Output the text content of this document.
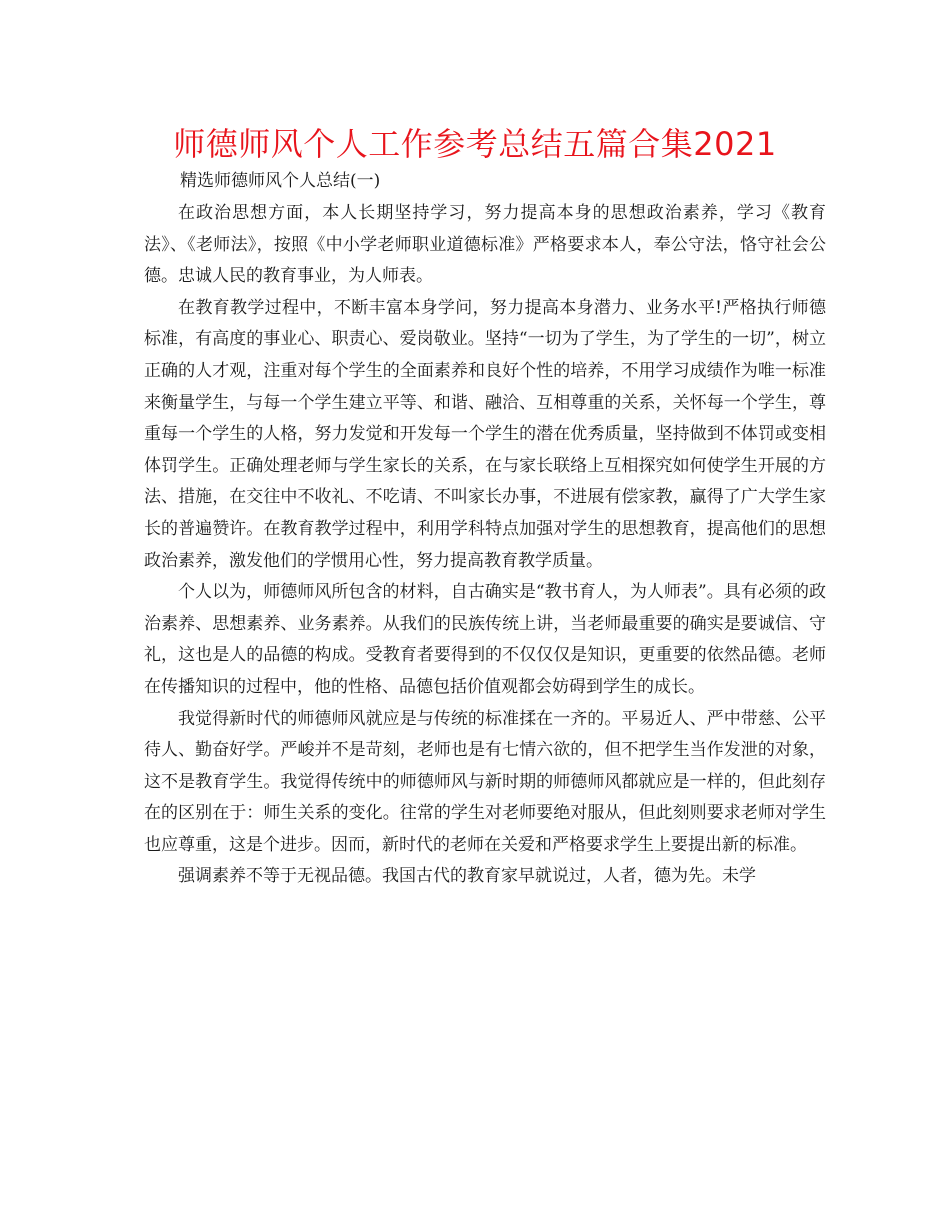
师德师风个人工作参考总结五篇合集2021
精选师德师风个人总结(一)

在政治思想方面，本人长期坚持学习，努力提高本身的思想政治素养，学习《教育法》、《老师法》，按照《中小学老师职业道德标准》严格要求本人，奉公守法，恪守社会公德。忠诚人民的教育事业，为人师表。

在教育教学过程中，不断丰富本身学问，努力提高本身潜力、业务水平!严格执行师德标准，有高度的事业心、职责心、爱岗敬业。坚持“一切为了学生，为了学生的一切”，树立正确的人才观，注重对每个学生的全面素养和良好个性的培养，不用学习成绩作为唯一标准来衡量学生，与每一个学生建立平等、和谐、融洽、互相尊重的关系，关怀每一个学生，尊重每一个学生的人格，努力发觉和开发每一个学生的潜在优秀质量，坚持做到不体罚或变相体罚学生。正确处理老师与学生家长的关系，在与家长联络上互相探究如何使学生开展的方法、措施，在交往中不收礼、不吃请、不叫家长办事，不进展有偿家教，赢得了广大学生家长的普遍赞许。在教育教学过程中，利用学科特点加强对学生的思想教育，提高他们的思想政治素养，激发他们的学惯用心性，努力提高教育教学质量。

个人以为，师德师风所包含的材料，自古确实是“教书育人，为人师表”。具有必须的政治素养、思想素养、业务素养。从我们的民族传统上讲，当老师最重要的确实是要诚信、守礼，这也是人的品德的构成。受教育者要得到的不仅仅仅是知识，更重要的依然品德。老师在传播知识的过程中，他的性格、品德包括价值观都会妨碍到学生的成长。

我觉得新时代的师德师风就应是与传统的标准揉在一齐的。平易近人、严中带慈、公平待人、勤奋好学。严峻并不是苛刻，老师也是有七情六欲的，但不把学生当作发泄的对象，这不是教育学生。我觉得传统中的师德师风与新时期的师德师风都就应是一样的，但此刻存在的区别在于：师生关系的变化。往常的学生对老师要绝对服从，但此刻则要求老师对学生也应尊重，这是个进步。因而，新时代的老师在关爱和严格要求学生上要提出新的标准。

强调素养不等于无视品德。我国古代的教育家早就说过，人者，德为先。未学
